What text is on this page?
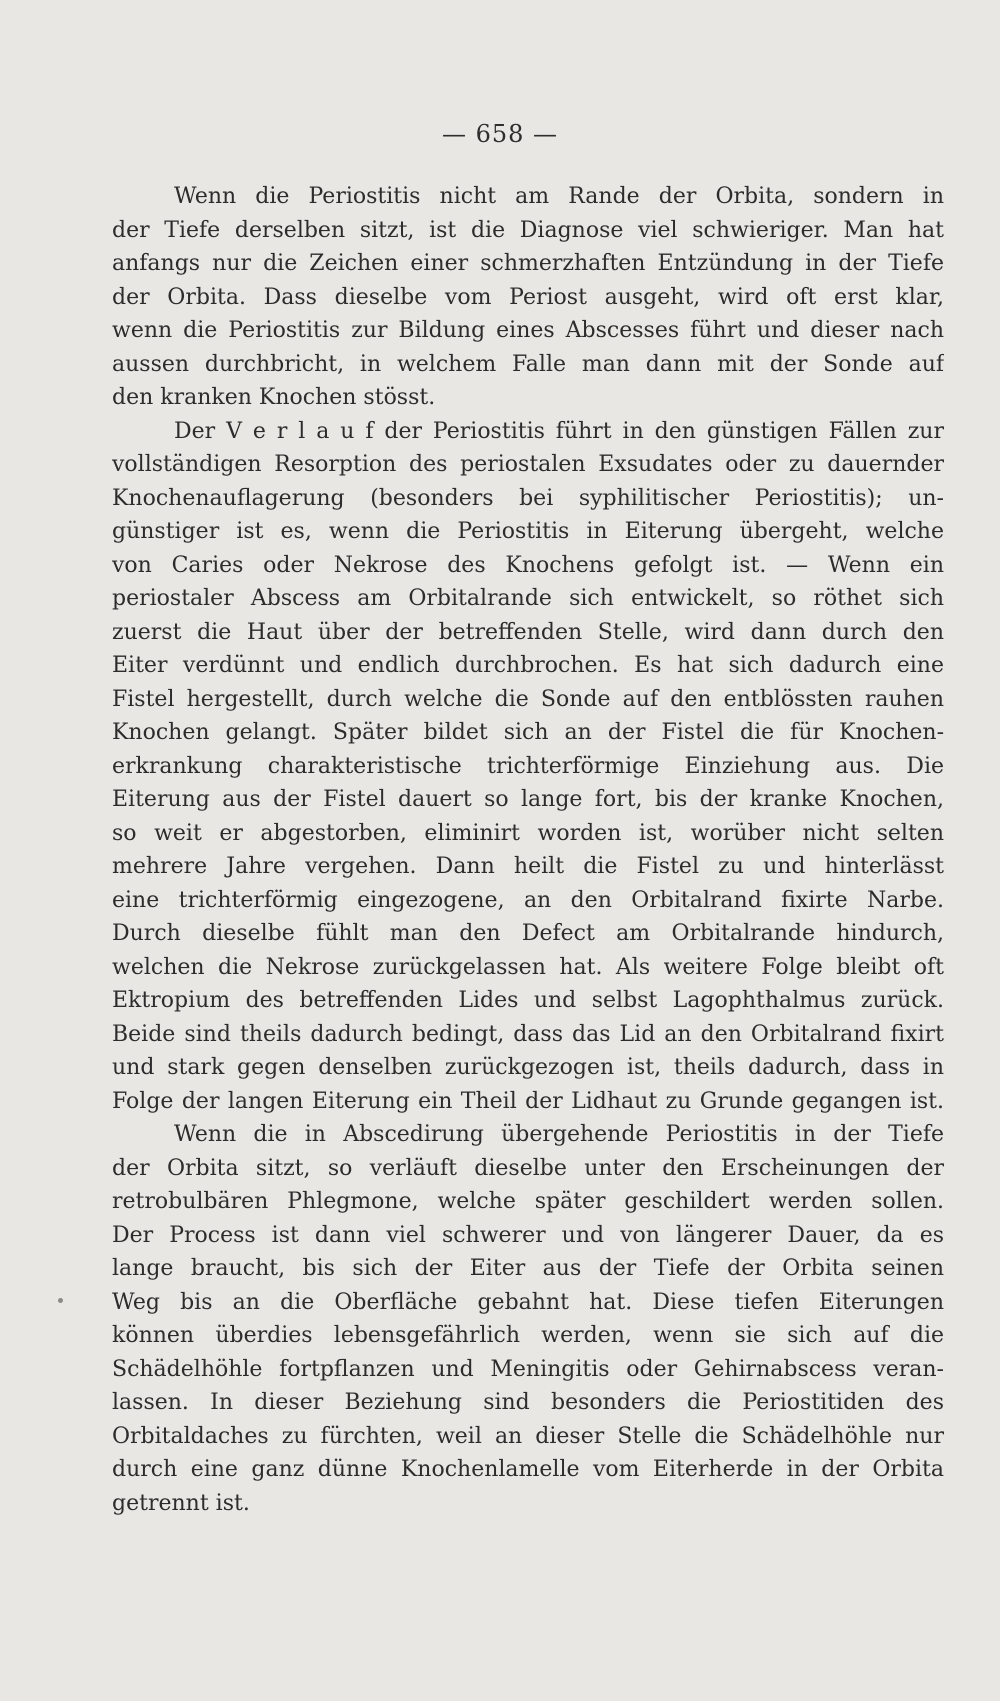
— 658 —
Wenn die Periostitis nicht am Rande der Orbita, sondern in
der Tiefe derselben sitzt, ist die Diagnose viel schwieriger. Man hat
anfangs nur die Zeichen einer schmerzhaften Entzündung in der Tiefe
der Orbita. Dass dieselbe vom Periost ausgeht, wird oft erst klar,
wenn die Periostitis zur Bildung eines Abscesses führt und dieser nach
aussen durchbricht, in welchem Falle man dann mit der Sonde auf
den kranken Knochen stösst.
Der V e r l a u f der Periostitis führt in den günstigen Fällen zur
vollständigen Resorption des periostalen Exsudates oder zu dauernder
Knochenauflagerung (besonders bei syphilitischer Periostitis); un-
günstiger ist es, wenn die Periostitis in Eiterung übergeht, welche
von Caries oder Nekrose des Knochens gefolgt ist. — Wenn ein
periostaler Abscess am Orbitalrande sich entwickelt, so röthet sich
zuerst die Haut über der betreffenden Stelle, wird dann durch den
Eiter verdünnt und endlich durchbrochen. Es hat sich dadurch eine
Fistel hergestellt, durch welche die Sonde auf den entblössten rauhen
Knochen gelangt. Später bildet sich an der Fistel die für Knochen-
erkrankung charakteristische trichterförmige Einziehung aus. Die
Eiterung aus der Fistel dauert so lange fort, bis der kranke Knochen,
so weit er abgestorben, eliminirt worden ist, worüber nicht selten
mehrere Jahre vergehen. Dann heilt die Fistel zu und hinterlässt
eine trichterförmig eingezogene, an den Orbitalrand fixirte Narbe.
Durch dieselbe fühlt man den Defect am Orbitalrande hindurch,
welchen die Nekrose zurückgelassen hat. Als weitere Folge bleibt oft
Ektropium des betreffenden Lides und selbst Lagophthalmus zurück.
Beide sind theils dadurch bedingt, dass das Lid an den Orbitalrand fixirt
und stark gegen denselben zurückgezogen ist, theils dadurch, dass in
Folge der langen Eiterung ein Theil der Lidhaut zu Grunde gegangen ist.
Wenn die in Abscedirung übergehende Periostitis in der Tiefe
der Orbita sitzt, so verläuft dieselbe unter den Erscheinungen der
retrobulbären Phlegmone, welche später geschildert werden sollen.
Der Process ist dann viel schwerer und von längerer Dauer, da es
lange braucht, bis sich der Eiter aus der Tiefe der Orbita seinen
Weg bis an die Oberfläche gebahnt hat. Diese tiefen Eiterungen
können überdies lebensgefährlich werden, wenn sie sich auf die
Schädelhöhle fortpflanzen und Meningitis oder Gehirnabscess veran-
lassen. In dieser Beziehung sind besonders die Periostitiden des
Orbitaldaches zu fürchten, weil an dieser Stelle die Schädelhöhle nur
durch eine ganz dünne Knochenlamelle vom Eiterherde in der Orbita
getrennt ist.
